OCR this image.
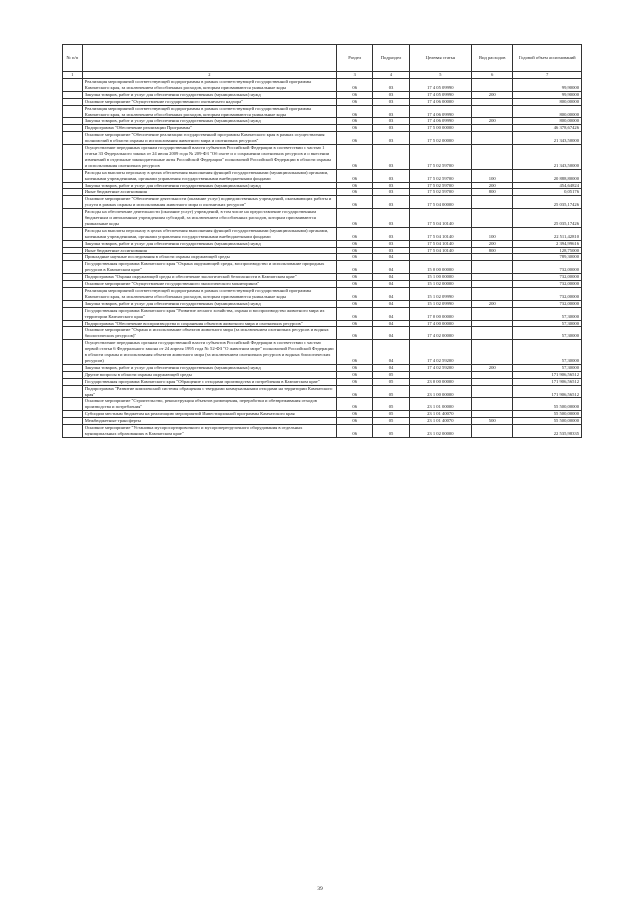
№ п/п		Раздел	Подраздел	Целевая статья	Вид расходов	Годовой объем ассигнований
1	2	3	4	5	6	7
	Реализация мероприятий соответствующей подпрограммы в рамках соответствующей государственной программы Камчатского края, за исключением обособленных расходов, которым присваиваются уникальные коды	06	03	17 4 05 09990		99,90000
	Закупка товаров, работ и услуг для обеспечения государственных (муниципальных) нужд	06	03	17 4 05 09990	200	99,90000
	Основное мероприятие "Осуществление государственного охотничьего надзора"	06	03	17 4 06 00000		800,00000
	Реализация мероприятий соответствующей подпрограммы в рамках соответствующей государственной программы Камчатского края, за исключением обособленных расходов, которым присваиваются уникальные коды	06	03	17 4 06 09990		800,00000
	Закупка товаров, работ и услуг для обеспечения государственных (муниципальных) нужд	06	03	17 4 06 09990	200	800,00000
	Подпрограмма "Обеспечение реализации Программы"	06	03	17 5 00 00000		46 378,67426
	Основное мероприятие "Обеспечение реализации государственной программы Камчатского края в рамках осуществления полномочий в области охраны и использования животного мира и охотничьих ресурсов"	06	03	17 5 02 00000		21 343,50000
	Осуществление переданных органам государственной власти субъектов Российской Федерации в соответствии с частью 1 статьи 33 Федерального закона от 24 июля 2009 года № 209-ФЗ "Об охоте и о сохранении охотничьих ресурсов и о внесении изменений в отдельные законодательные акты Российской Федерации" полномочий Российской Федерации в области охраны и использования охотничьих ресурсов	06	03	17 5 02 59700		21 343,50000
	Расходы на выплаты персоналу в целях обеспечения выполнения функций государственными (муниципальными) органами, казенными учреждениями, органами управления государственными внебюджетными фондами	06	03	17 5 02 59700	100	20 888,80000
	Закупка товаров, работ и услуг для обеспечения государственных (муниципальных) нужд	06	03	17 5 02 59700	200	454,64824
	Иные бюджетные ассигнования	06	03	17 5 02 59700	800	0,05176
	Основное мероприятие "Обеспечение деятельности (оказание услуг) подведомственных учреждений, оказывающих работы и услуги в рамках охраны и использования животного мира и охотничьих ресурсов"	06	03	17 5 04 00000		25 035,17426
	Расходы на обеспечение деятельности (оказание услуг) учреждений, в том числе на предоставление государственным бюджетным и автономным учреждениям субсидий, за исключением обособленных расходов, которым присваиваются уникальные коды	06	03	17 5 04 10140		25 035,17426
	Расходы на выплаты персоналу в целях обеспечения выполнения функций государственными (муниципальными) органами, казенными учреждениями, органами управления государственными внебюджетными фондами	06	03	17 5 04 10140	100	22 511,42810
	Закупка товаров, работ и услуг для обеспечения государственных (муниципальных) нужд	06	03	17 5 04 10140	200	2 394,99616
	Иные бюджетные ассигнования	06	03	17 5 04 10140	800	128,75000
	Прикладные научные исследования в области охраны окружающей среды	06	04			789,30000
	Государственная программа Камчатского края "Охрана окружающей среды, воспроизводство и использование природных ресурсов в Камчатском крае"	06	04	15 0 00 00000		732,00000
	Подпрограмма "Охрана окружающей среды и обеспечение экологической безопасности в Камчатском крае"	06	04	15 1 00 00000		732,00000
	Основное мероприятие "Осуществление государственного экологического мониторинга"	06	04	15 1 02 00000		732,00000
	Реализация мероприятий соответствующей подпрограммы в рамках соответствующей государственной программы Камчатского края, за исключением обособленных расходов, которым присваиваются уникальные коды	06	04	15 1 02 09990		732,00000
	Закупка товаров, работ и услуг для обеспечения государственных (муниципальных) нужд	06	04	15 1 02 09990	200	732,00000
	Государственная программа Камчатского края "Развитие лесного хозяйства, охрана и воспроизводство животного мира их территории Камчатского края"	06	04	17 0 00 00000		57,30000
	Подпрограмма "Обеспечение воспроизводства и сохранения объектов животного мира и охотничьих ресурсов"	06	04	17 4 00 00000		57,30000
	Основное мероприятие "Охрана и использование объектов животного мира (за исключением охотничьих ресурсов и водных биологических ресурсов)"	06	04	17 4 02 00000		57,30000
	Осуществление переданных органам государственной власти субъектов Российской Федерации в соответствии с частью первой статьи 6 Федерального закона от 24 апреля 1995 года № 52-ФЗ "О животном мире" полномочий Российской Федерации в области охраны и использования объектов животного мира (за исключением охотничьих ресурсов и водных биологических ресурсов)	06	04	17 4 02 59200		57,30000
	Закупка товаров, работ и услуг для обеспечения государственных (муниципальных) нужд	06	04	17 4 02 59200	200	57,30000
	Другие вопросы в области охраны окружающей среды	06	05			171 906,56512
	Государственная программа Камчатского края "Обращение с отходами производства и потребления в Камчатском крае"	06	05	23 0 00 00000		171 906,56512
	Подпрограмма "Развитие комплексной системы обращения с твердыми коммунальными отходами на территории Камчатского края"	06	05	23 1 00 00000		171 906,56512
	Основное мероприятие "Строительство, реконструкция объектов размещения, переработки и обезвреживания отходов производства и потребления"	06	05	23 1 01 00000		55 500,00000
	Субсидии местным бюджетам на реализацию мероприятий Инвестиционной программы Камчатского края	06	05	23 1 01 40070		55 500,00000
	Межбюджетные трансферты	06	05	23 1 01 40070	500	55 500,00000
	Основное мероприятие "Установка мусоросортировочного и мусороперегрузочного оборудования в отдельных муниципальных образованиях в Камчатском крае"	06	05	23 1 02 00000		22 535,98335
39
